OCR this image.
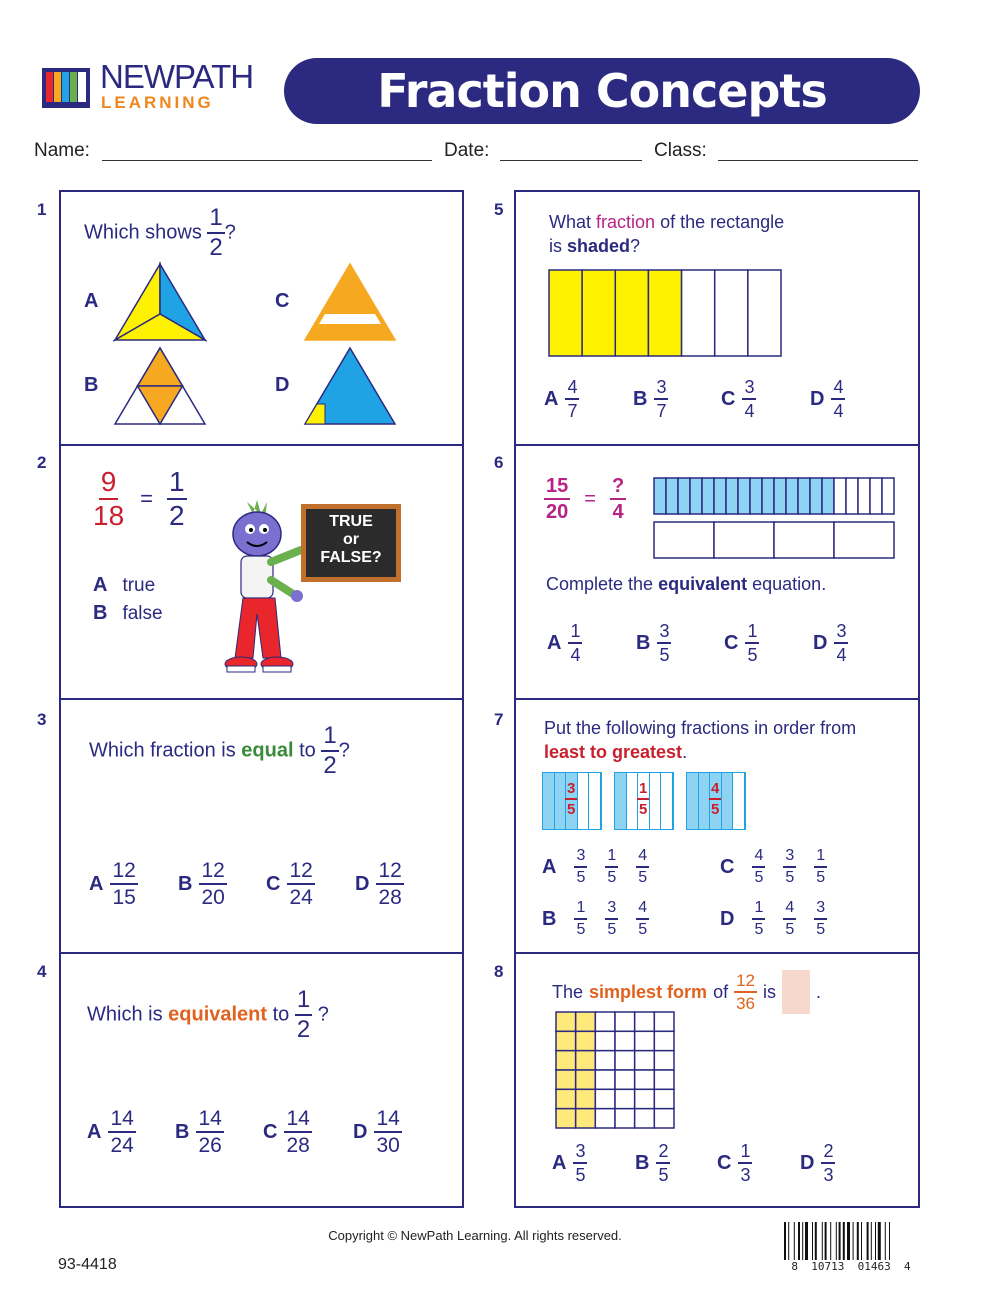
NEWPATH
LEARNING	Fraction Concepts
Name:	Date:	Class:
1
Which shows $\frac{1}{2}$ ?
A
B
C
D
2
$\frac{9}{18} = \frac{1}{2}$
A true
B false
TRUE
or
FALSE?
3
Which fraction is equal to $\frac{1}{2}$ ?
A $\frac{12}{15}$ B $\frac{12}{20}$ C $\frac{12}{24}$ D $\frac{12}{28}$
4
Which is equivalent to $\frac{1}{2}$ ?
A $\frac{14}{24}$ B $\frac{14}{26}$ C $\frac{14}{28}$ D $\frac{14}{30}$
5
What fraction of the rectangle
is shaded?
A $\frac{4}{7}$	B $\frac{3}{7}$	C $\frac{3}{4}$	D $\frac{4}{4}$
6
$\frac{15}{20} = \frac{?}{4}$
Complete the equivalent equation.
A $\frac{1}{4}$	B $\frac{3}{5}$	C $\frac{1}{5}$	D $\frac{3}{4}$
7 Put the following fractions in order from
least to greatest.
$\frac{3}{5}$	$\frac{1}{5}$	$\frac{4}{5}$
A $\frac{3}{5} \frac{1}{5} \frac{4}{5}$
B $\frac{1}{5} \frac{3}{5} \frac{4}{5}$
C $\frac{4}{5} \frac{3}{5} \frac{1}{5}$
D $\frac{1}{5} \frac{4}{5} \frac{3}{5}$
8
The simplest form of $\frac{12}{36}$ is .
A $\frac{3}{5}$ B $\frac{2}{5}$ C $\frac{1}{3}$ D $\frac{2}{3}$
Copyright © NewPath Learning. All rights reserved.
93-4418	8  10713  01463  4
